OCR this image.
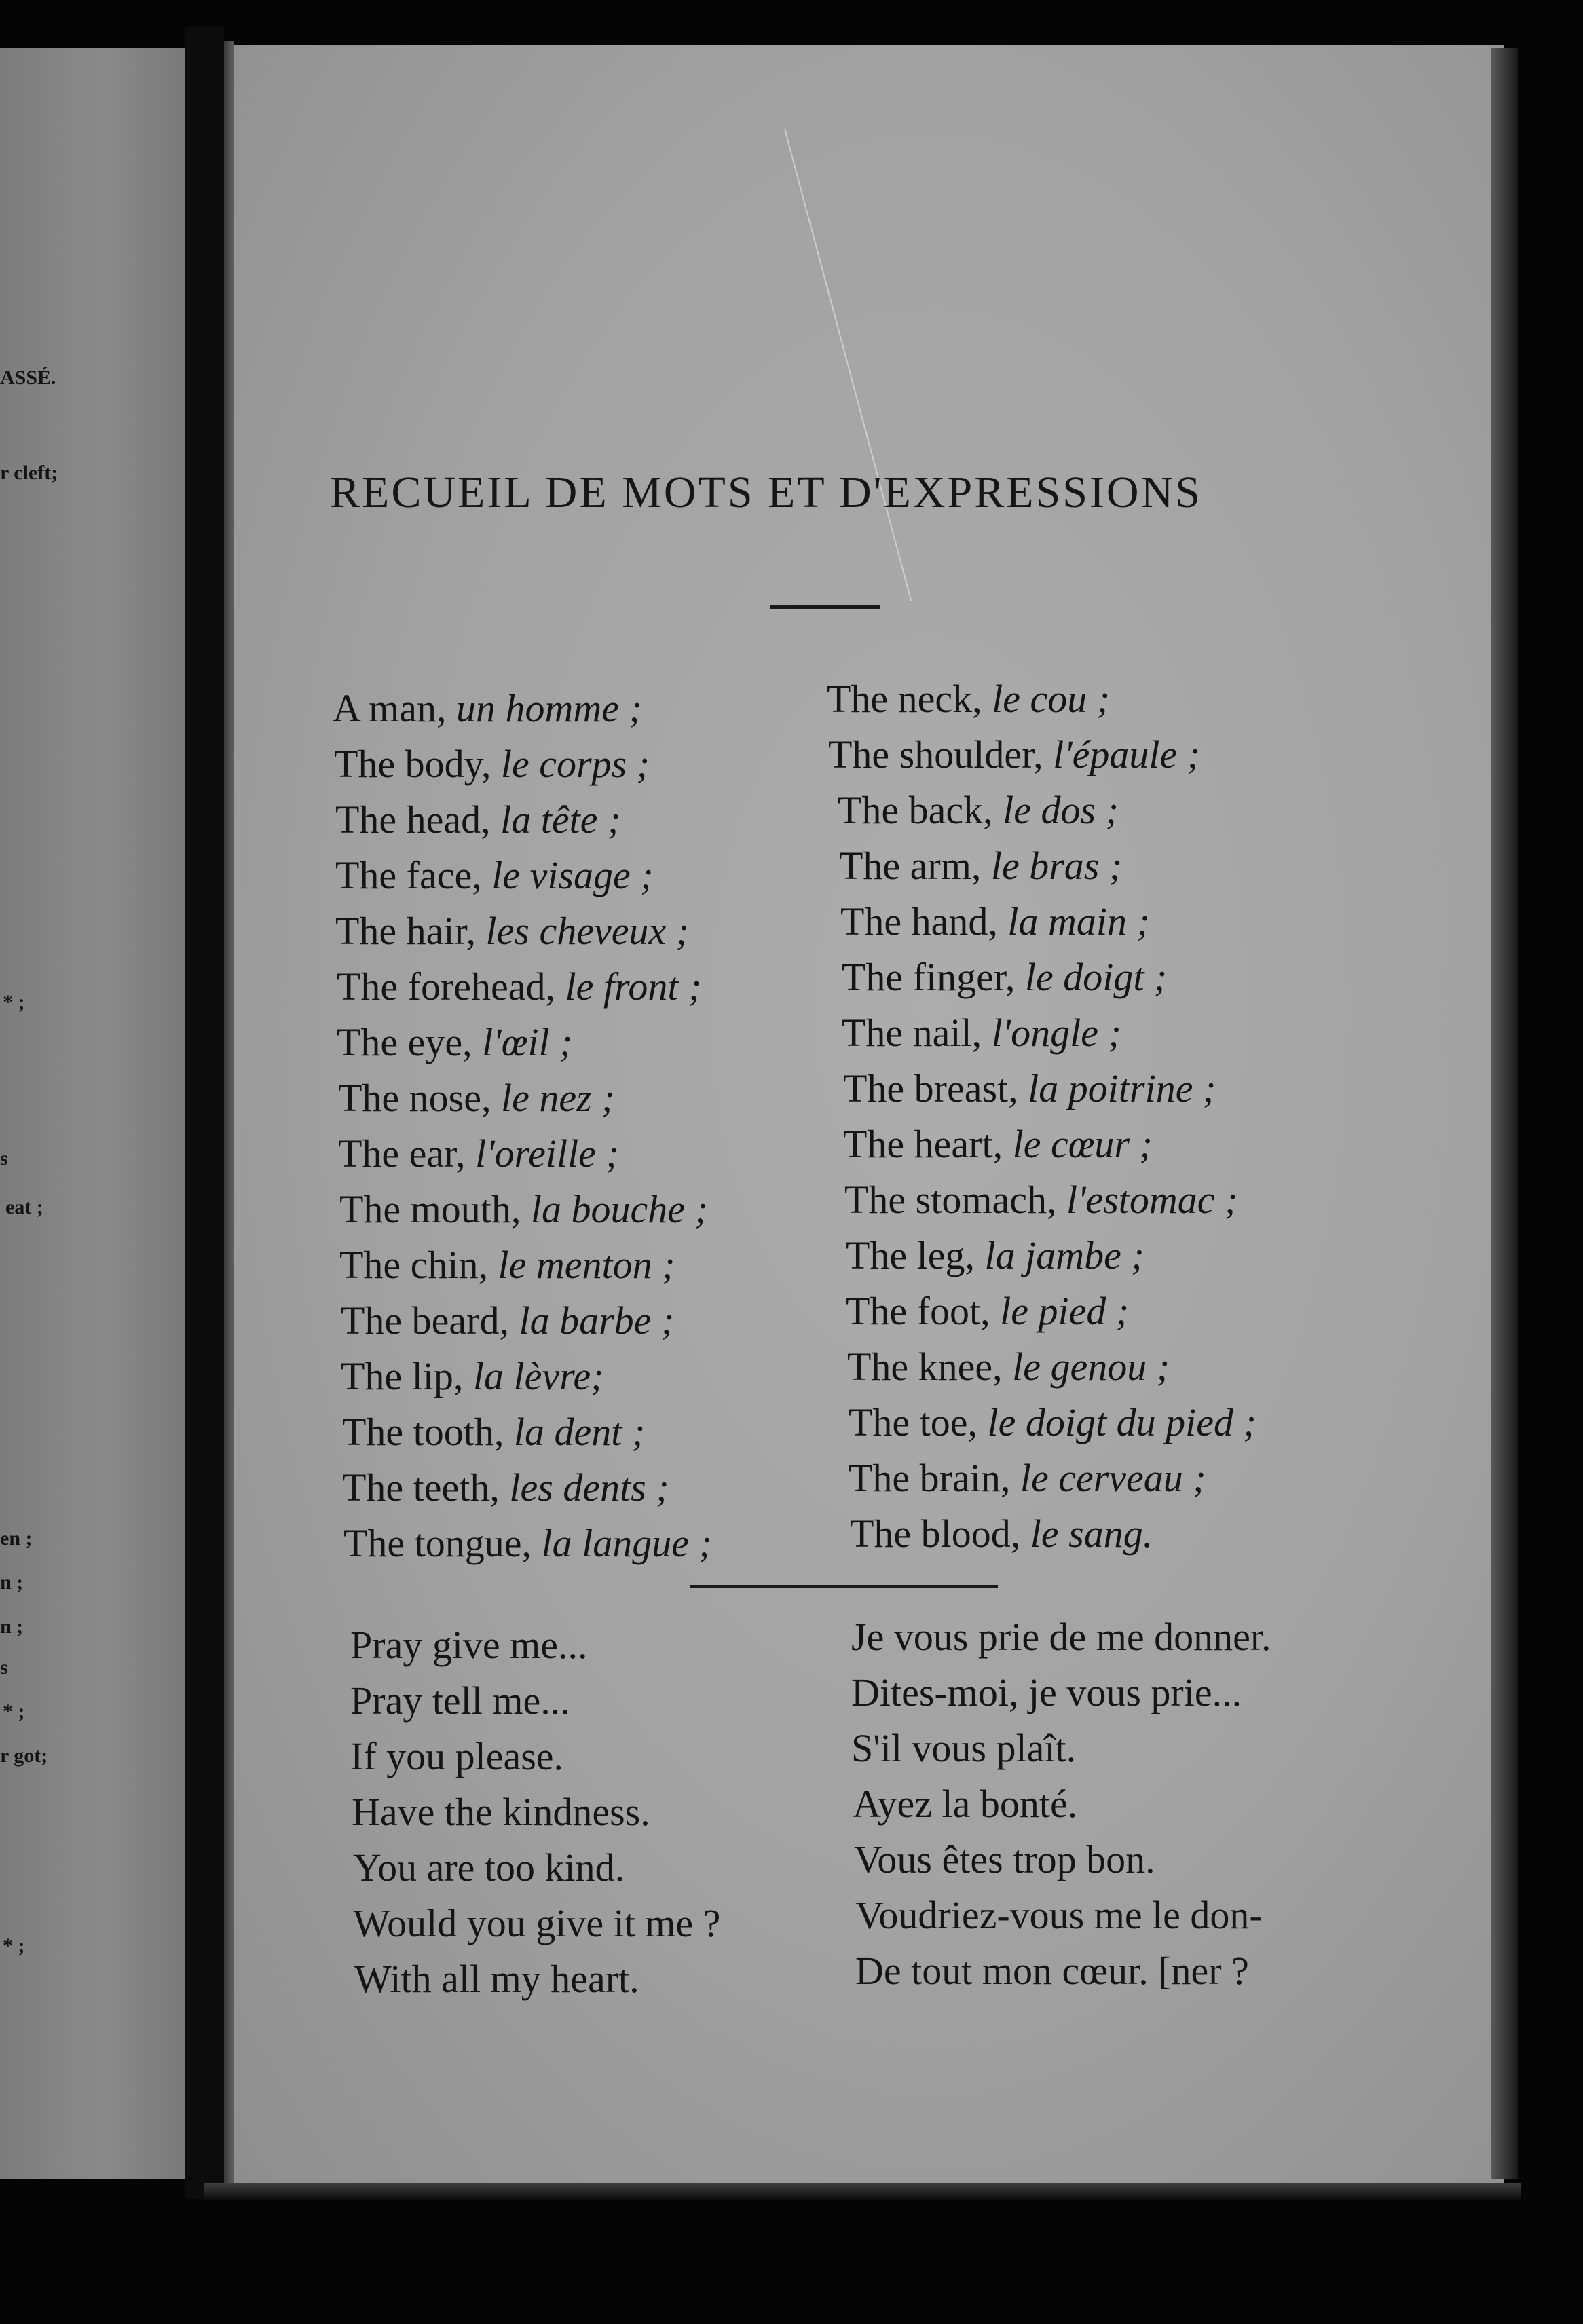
ASSÉ.
r cleft;
* ;
s
eat ;
en ;
n ;
n ;
s
* ;
r got;
* ;
RECUEIL DE MOTS ET D'EXPRESSIONS
A man, un homme ;
The body, le corps ;
The head, la tête ;
The face, le visage ;
The hair, les cheveux ;
The forehead, le front ;
The eye, l'œil ;
The nose, le nez ;
The ear, l'oreille ;
The mouth, la bouche ;
The chin, le menton ;
The beard, la barbe ;
The lip, la lèvre;
The tooth, la dent ;
The teeth, les dents ;
The tongue, la langue ;
The neck, le cou ;
The shoulder, l'épaule ;
The back, le dos ;
The arm, le bras ;
The hand, la main ;
The finger, le doigt ;
The nail, l'ongle ;
The breast, la poitrine ;
The heart, le cœur ;
The stomach, l'estomac ;
The leg, la jambe ;
The foot, le pied ;
The knee, le genou ;
The toe, le doigt du pied ;
The brain, le cerveau ;
The blood, le sang.
Pray give me...
Pray tell me...
If you please.
Have the kindness.
You are too kind.
Would you give it me ?
With all my heart.
Je vous prie de me donner.
Dites-moi, je vous prie...
S'il vous plaît.
Ayez la bonté.
Vous êtes trop bon.
Voudriez-vous me le don-
De tout mon cœur. [ner ?
